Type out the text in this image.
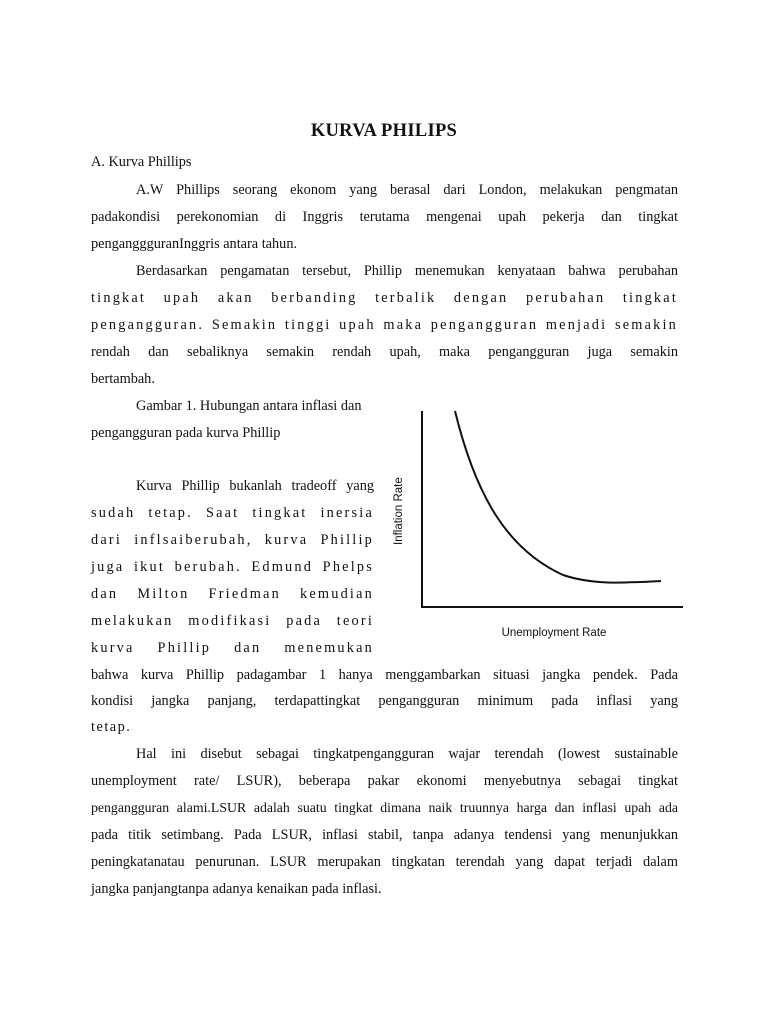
KURVA PHILIPS

A. Kurva Phillips

A.W Phillips seorang ekonom yang berasal dari London, melakukan pengmatan

padakondisi perekonomian di Inggris terutama mengenai upah pekerja dan tingkat

penganggguranInggris antara tahun.

Berdasarkan pengamatan tersebut, Phillip menemukan kenyataan bahwa perubahan

tingkat upah akan berbanding terbalik dengan perubahan tingkat

pengangguran. Semakin tinggi upah maka pengangguran menjadi semakin

rendah dan sebaliknya semakin rendah upah, maka pengangguran juga semakin

bertambah.

Gambar 1. Hubungan antara inflasi dan

pengangguran pada kurva Phillip

Kurva Phillip bukanlah tradeoff yang

sudah tetap. Saat tingkat inersia

dari inflsaiberubah, kurva Phillip

juga ikut berubah. Edmund Phelps

dan Milton Friedman kemudian

melakukan modifikasi pada teori

kurva Phillip dan menemukan

bahwa kurva Phillip padagambar 1 hanya menggambarkan situasi jangka pendek. Pada

kondisi jangka panjang, terdapattingkat pengangguran minimum pada inflasi yang

tetap.

Hal ini disebut sebagai tingkatpengangguran wajar terendah (lowest sustainable

unemployment rate/ LSUR), beberapa pakar ekonomi menyebutnya sebagai tingkat

pengangguran alami.LSUR adalah suatu tingkat dimana naik truunnya harga dan inflasi upah ada

pada titik setimbang. Pada LSUR, inflasi stabil, tanpa adanya tendensi yang menunjukkan

peningkatanatau penurunan. LSUR merupakan tingkatan terendah yang dapat terjadi dalam

jangka panjangtanpa adanya kenaikan pada inflasi.

Inflation Rate
Unemployment Rate
